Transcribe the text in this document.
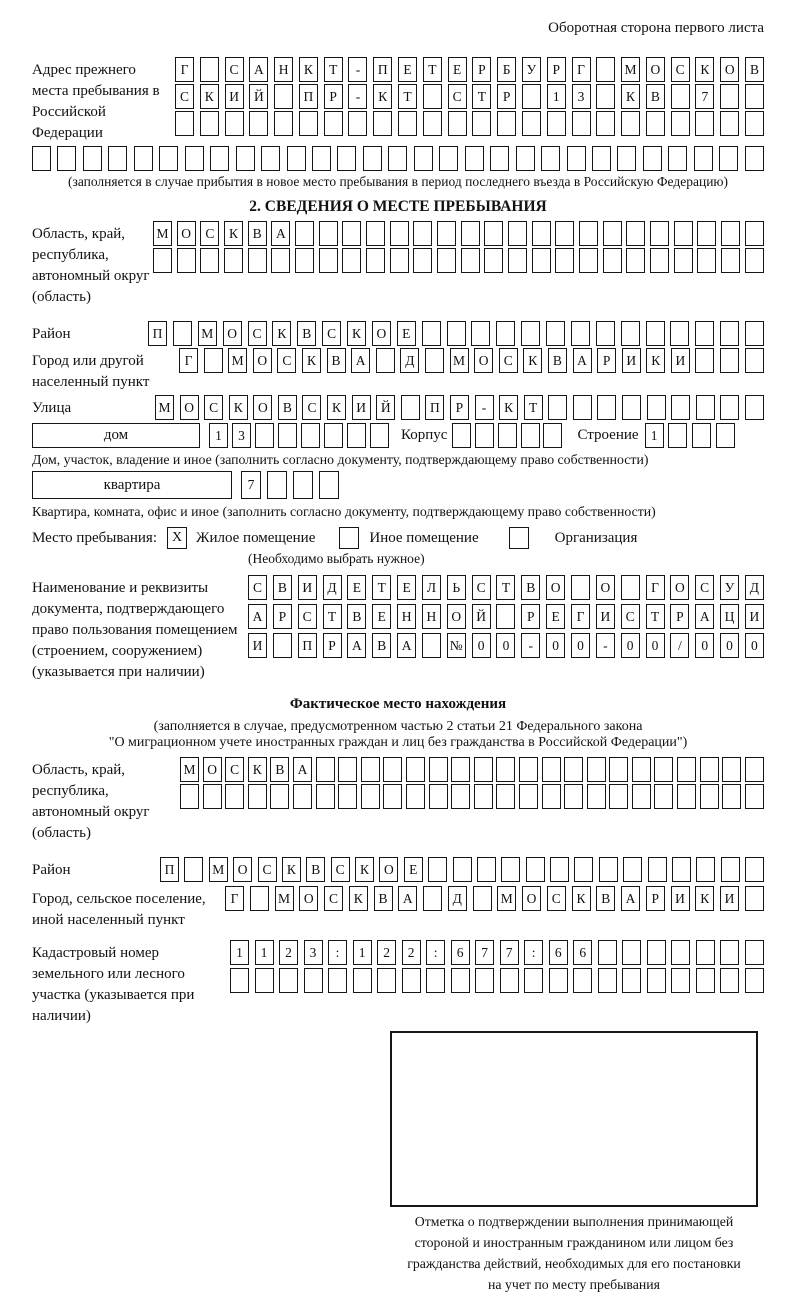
Оборотная сторона первого листа
Адрес прежнего места пребывания в Российской Федерации
Г	С	А	Н	К	Т	-	П	Е	Т	Е	Р	Б	У	Р	Г	М	О	С	К	О	В
С	К	И	Й	П	Р	-	К	Т	С	Т	Р	1	3	К	В	7
(заполняется в случае прибытия в новое место пребывания в период последнего въезда в Российскую Федерацию)
2. СВЕДЕНИЯ О МЕСТЕ ПРЕБЫВАНИЯ
Область, край, республика, автономный округ (область)
М О	С	К	В	А
Район	П	М	О	С	К	В	С	К	О	Е
Город или другой населенный пункт
Г	М	О	С	К	В	А	Д	М	О	С	К	В	А	Р	И	К	И
Улица	М	О	С	К	О	В	С	К	И	Й	П	Р	-	К	Т
дом	1	3	Корпус	Строение 1
Дом, участок, владение и иное (заполнить согласно документу, подтверждающему право собственности)
квартира	7
Квартира, комната, офис и иное (заполнить согласно документу, подтверждающему право собственности)
Место пребывания:	X Жилое помещение	Иное помещение	Организация
(Необходимо выбрать нужное)
Наименование и реквизиты документа, подтверждающего право пользования помещением (строением, сооружением) (указывается при наличии)
С	В	И	Д	Е	Т	Е	Л	Ь	С	Т	В	О	О	Г	О	С	У	Д
А	Р	С	Т	В	Е	Н	Н	О	Й	Р	Е	Г	И	С	Т	Р	А	Ц	И
И	П	Р	А	В	А	№	0	0	-	0	0	-	0	0	/	0	0	0
Фактическое место нахождения
(заполняется в случае, предусмотренном частью 2 статьи 21 Федерального закона
"О миграционном учете иностранных граждан и лиц без гражданства в Российской Федерации")
Область, край, республика, автономный округ (область)
М О С	К	В А
Район	П	М	О	С	К	В	С	К	О	Е
Город, сельское поселение, иной населенный пункт
Г	М	О	С	К	В	А	Д	М	О	С	К	В	А	Р	И	К	И
Кадастровый номер земельного или лесного участка (указывается при наличии)
1	1	2	3	:	1	2	2	:	6	7	7	:	6	6
Отметка о подтверждении выполнения принимающей
стороной и иностранным гражданином или лицом без
гражданства действий, необходимых для его постановки
на учет по месту пребывания
